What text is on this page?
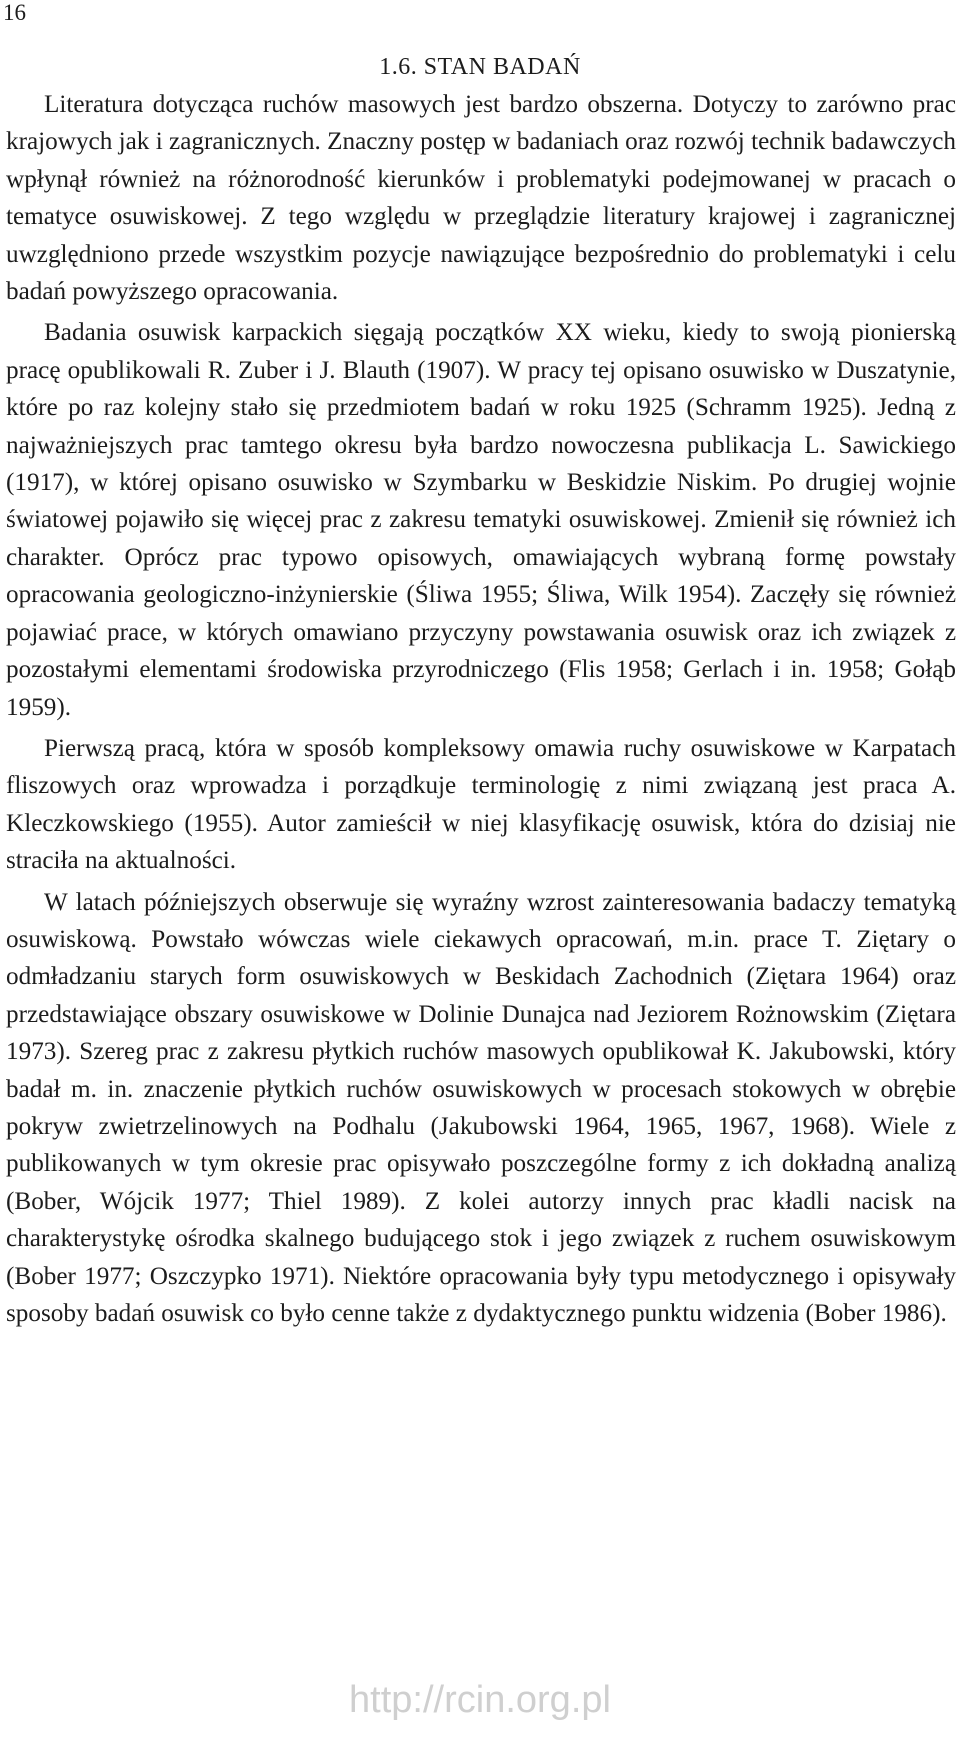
16
1.6. STAN BADAŃ

Literatura dotycząca ruchów masowych jest bardzo obszerna. Dotyczy to zarówno prac krajowych jak i zagranicznych. Znaczny postęp w badaniach oraz rozwój technik badawczych wpłynął również na różnorodność kierunków i problematyki podejmowanej w pracach o tematyce osuwiskowej. Z tego względu w przeglądzie literatury krajowej i zagranicznej uwzględniono przede wszystkim pozycje nawiązujące bezpośrednio do problematyki i celu badań powyższego opracowania.

Badania osuwisk karpackich sięgają początków XX wieku, kiedy to swoją pionierską pracę opublikowali R. Zuber i J. Blauth (1907). W pracy tej opisano osuwisko w Duszatynie, które po raz kolejny stało się przedmiotem badań w roku 1925 (Schramm 1925). Jedną z najważniejszych prac tamtego okresu była bardzo nowoczesna publikacja L. Sawickiego (1917), w której opisano osuwisko w Szymbarku w Beskidzie Niskim. Po drugiej wojnie światowej pojawiło się więcej prac z zakresu tematyki osuwiskowej. Zmienił się również ich charakter. Oprócz prac typowo opisowych, omawiających wybraną formę powstały opracowania geologiczno-inżynierskie (Śliwa 1955; Śliwa, Wilk 1954). Zaczęły się również pojawiać prace, w których omawiano przyczyny powstawania osuwisk oraz ich związek z pozostałymi elementami środowiska przyrodniczego (Flis 1958; Gerlach i in. 1958; Gołąb 1959).

Pierwszą pracą, która w sposób kompleksowy omawia ruchy osuwiskowe w Karpatach fliszowych oraz wprowadza i porządkuje terminologię z nimi związaną jest praca A. Kleczkowskiego (1955). Autor zamieścił w niej klasyfikację osuwisk, która do dzisiaj nie straciła na aktualności.

W latach późniejszych obserwuje się wyraźny wzrost zainteresowania badaczy tematyką osuwiskową. Powstało wówczas wiele ciekawych opracowań, m.in. prace T. Ziętary o odmładzaniu starych form osuwiskowych w Beskidach Zachodnich (Ziętara 1964) oraz przedstawiające obszary osuwiskowe w Dolinie Dunajca nad Jeziorem Rożnowskim (Ziętara 1973). Szereg prac z zakresu płytkich ruchów masowych opublikował K. Jakubowski, który badał m. in. znaczenie płytkich ruchów osuwiskowych w procesach stokowych w obrębie pokryw zwietrzelinowych na Podhalu (Jakubowski 1964, 1965, 1967, 1968). Wiele z publikowanych w tym okresie prac opisywało poszczególne formy z ich dokładną analizą (Bober, Wójcik 1977; Thiel 1989). Z kolei autorzy innych prac kładli nacisk na charakterystykę ośrodka skalnego budującego stok i jego związek z ruchem osuwiskowym (Bober 1977; Oszczypko 1971). Niektóre opracowania były typu metodycznego i opisywały sposoby badań osuwisk co było cenne także z dydaktycznego punktu widzenia (Bober 1986).

http://rcin.org.pl
